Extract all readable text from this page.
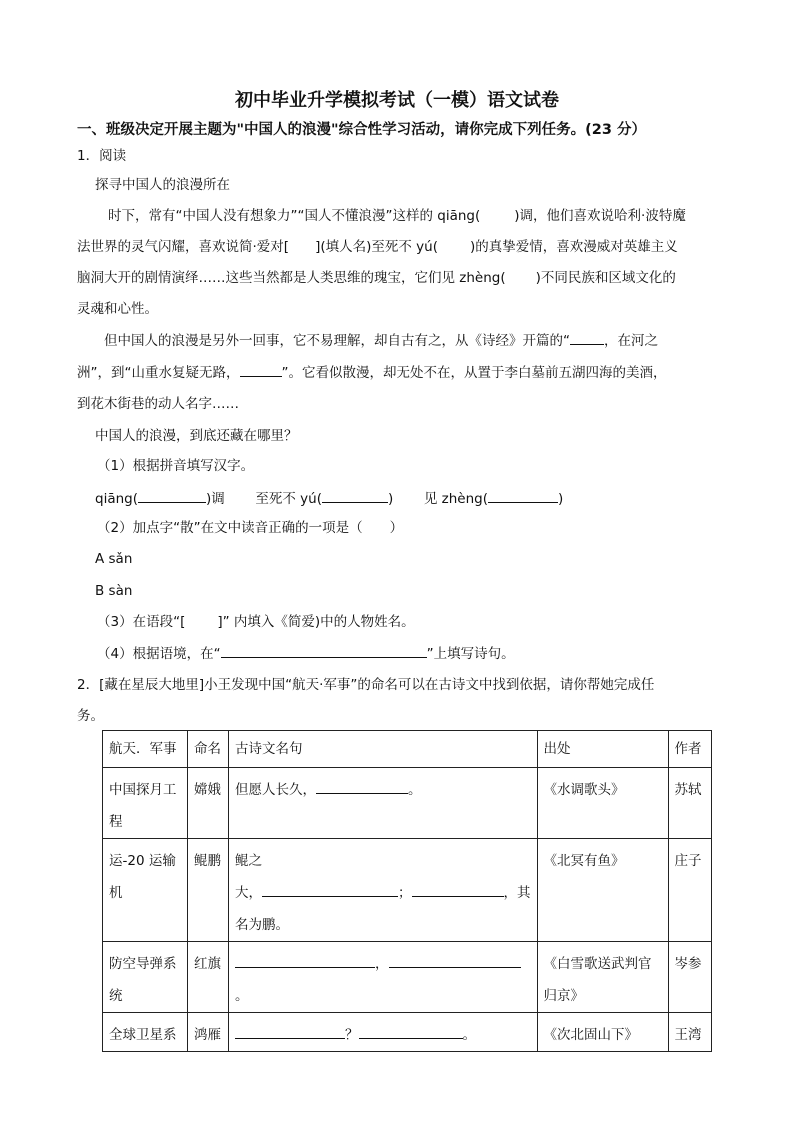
初中毕业升学模拟考试（一模）语文试卷
一、班级决定开展主题为"中国人的浪漫"综合性学习活动，请你完成下列任务。(23 分）
1．阅读
探寻中国人的浪漫所在
时下，常有“中国人没有想象力”“国人不懂浪漫”这样的 qiāng(	)调，他们喜欢说哈利·波特魔
法世界的灵气闪耀，喜欢说简·爱对[ ](填人名)至死不 yú( )的真挚爱情，喜欢漫威对英雄主义
脑洞大开的剧情演绎……这些当然都是人类思维的瑰宝，它们见 zhèng( )不同民族和区域文化的
灵魂和心性。
但中国人的浪漫是另外一回事，它不易理解，却自古有之，从《诗经》开篇的“	，在河之
洲”，到“山重水复疑无路，	”。它看似散漫，却无处不在，从置于李白墓前五湖四海的美酒，
到花木街巷的动人名字……
中国人的浪漫，到底还藏在哪里？
（1）根据拼音填写汉字。
qiāng(	)调 至死不 yú(	) 见 zhèng(	)
（2）加点字“散”在文中读音正确的一项是（　　）
A sǎn
B sàn
（3）在语段“[ ]” 内填入《简爱)中的人物姓名。
（4）根据语境，在“	”上填写诗句。
2．[藏在星辰大地里]小王发现中国“航天·军事”的命名可以在古诗文中找到依据，请你帮她完成任
务。
航天．军事	命名	古诗文名句	出处	作者
中国探月工程	嫦娥	但愿人长久， 。	《水调歌头》	苏轼
运-20 运输机	鲲鹏	鲲之
大， ； ，其
名为鹏。	《北冥有鱼》	庄子
防空导弹系统	红旗	，。	《白雪歌送武判官归京》	岑参
全球卫星系	鸿雁	？ 。	《次北固山下》	王湾
